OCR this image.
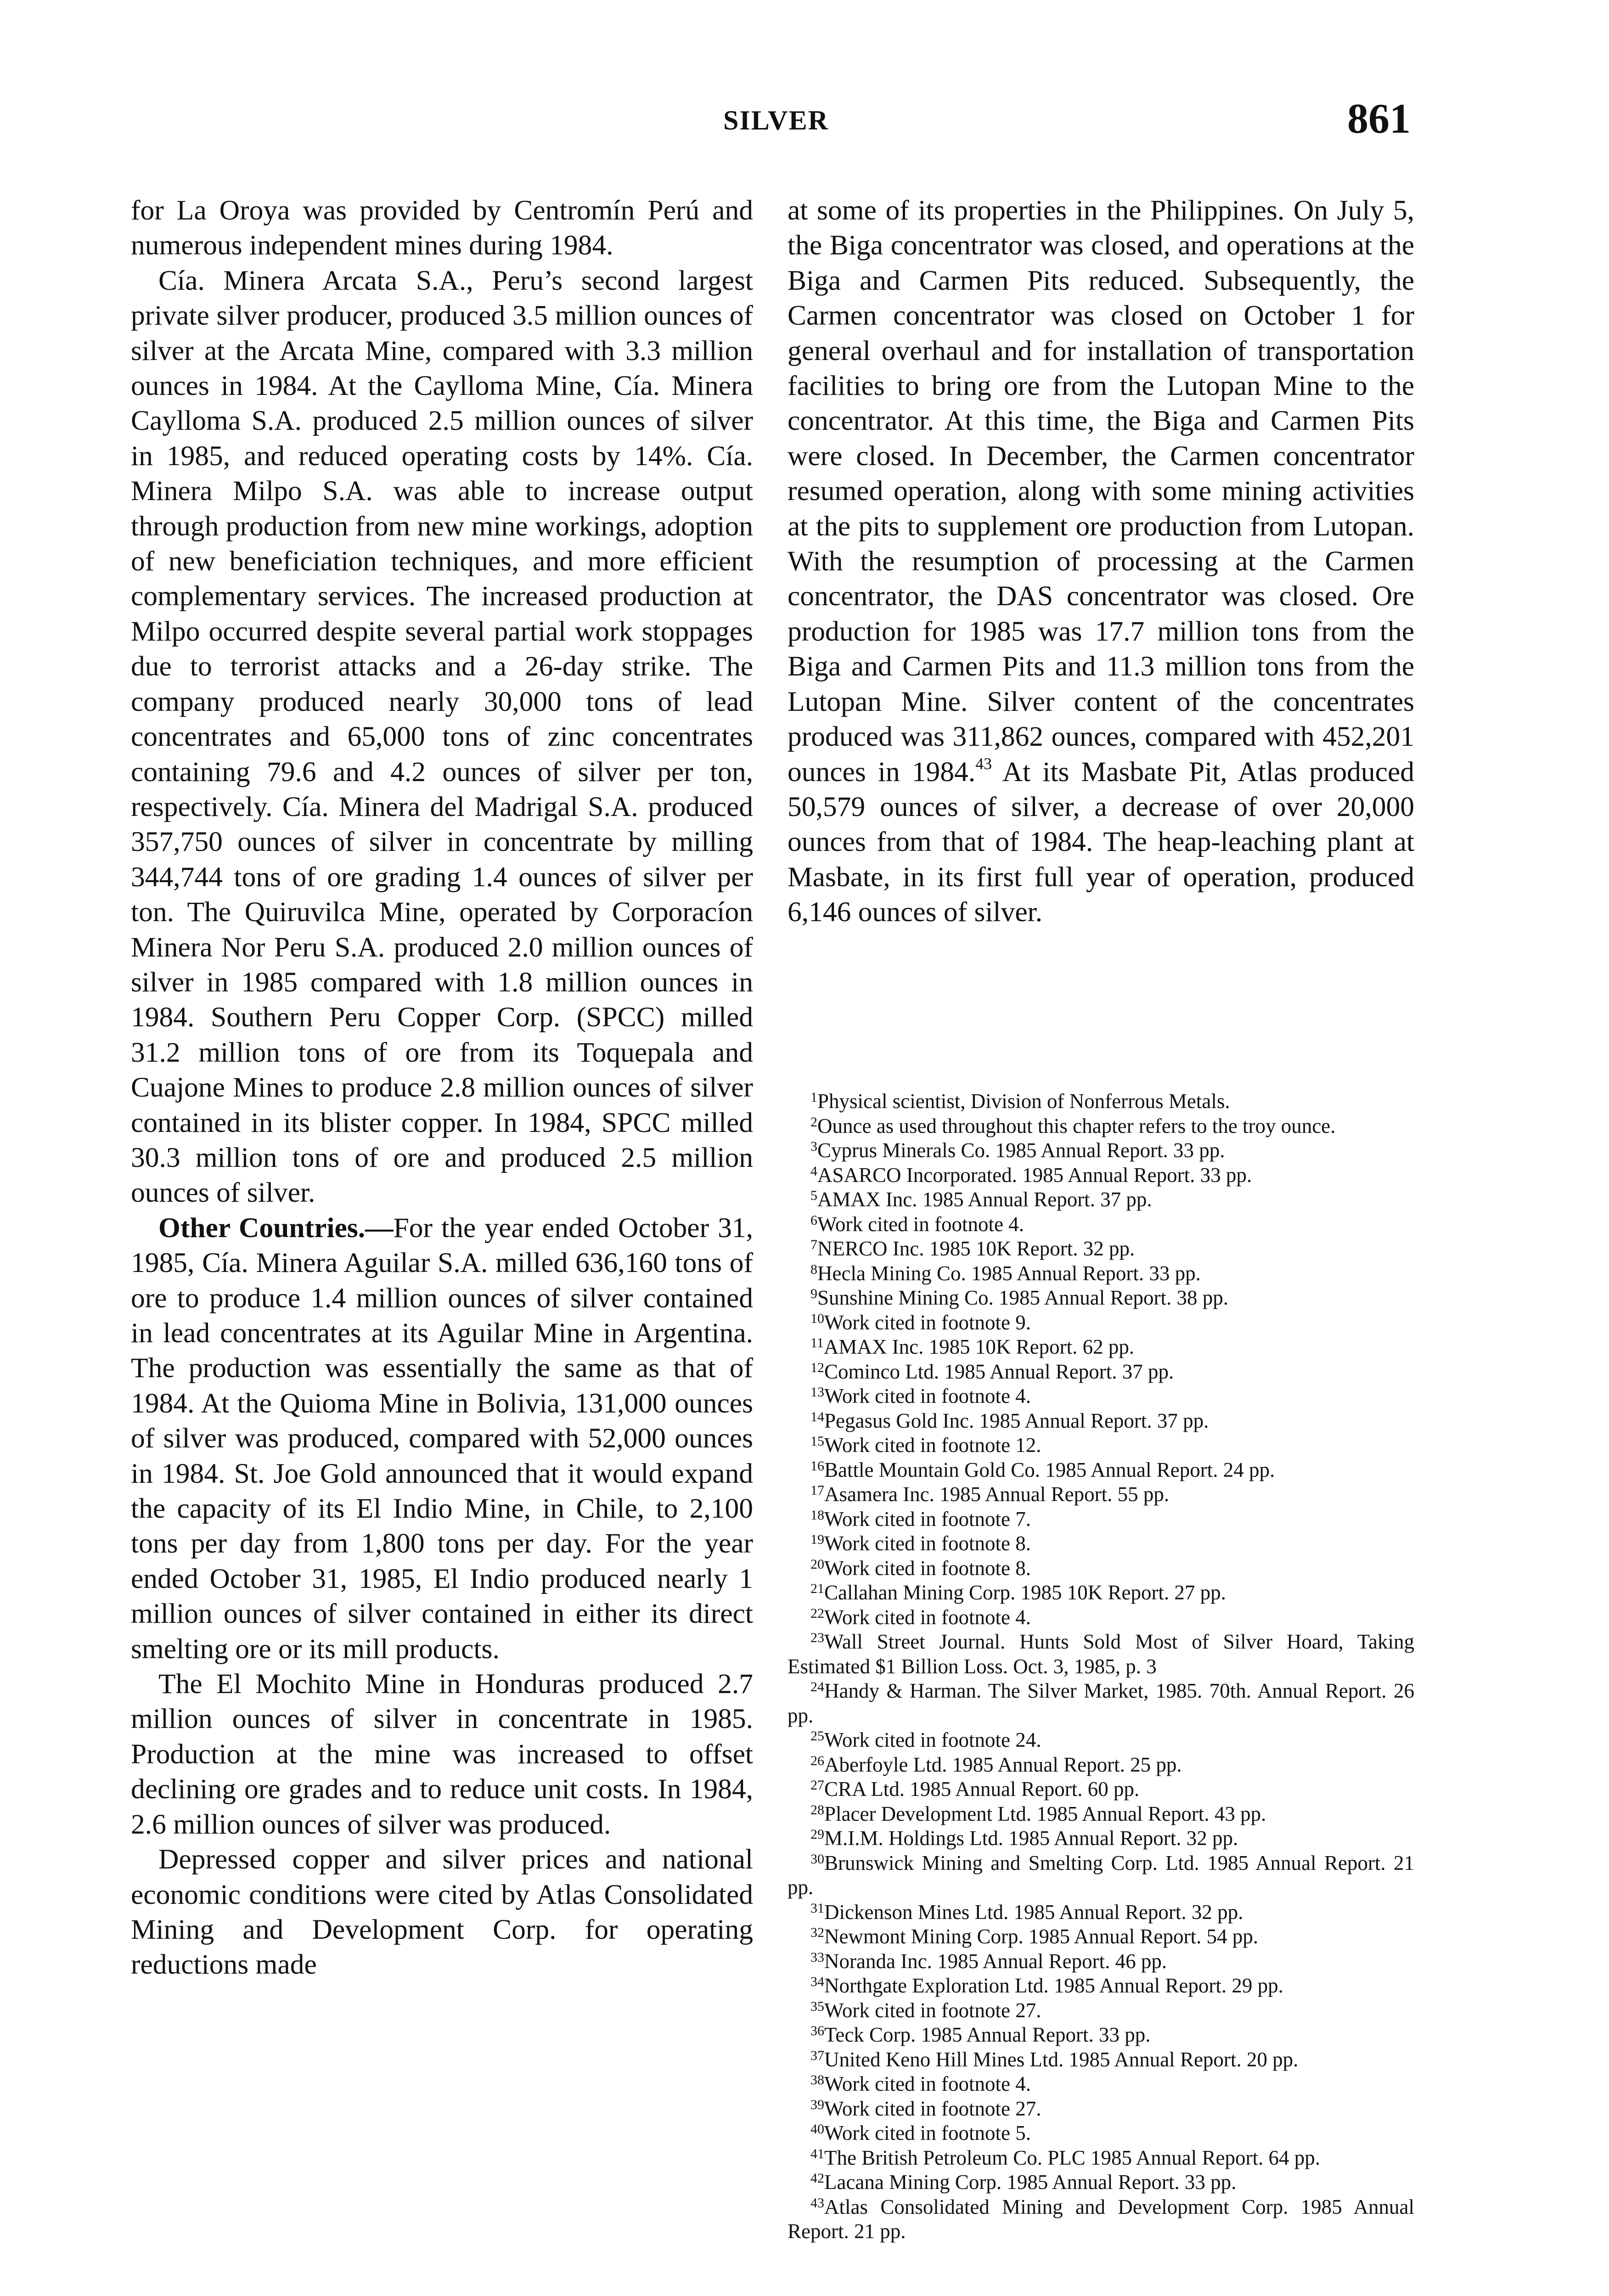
SILVER	861

for La Oroya was provided by Centromín Perú and numerous independent mines during 1984.

Cía. Minera Arcata S.A., Peru’s second largest private silver producer, produced 3.5 million ounces of silver at the Arcata Mine, compared with 3.3 million ounces in 1984. At the Caylloma Mine, Cía. Minera Caylloma S.A. produced 2.5 million ounces of silver in 1985, and reduced operating costs by 14%. Cía. Minera Milpo S.A. was able to increase output through production from new mine workings, adoption of new beneficiation techniques, and more efficient complementary services. The increased production at Milpo occurred despite several partial work stoppages due to terrorist attacks and a 26-day strike. The company produced nearly 30,000 tons of lead concentrates and 65,000 tons of zinc concentrates containing 79.6 and 4.2 ounces of silver per ton, respectively. Cía. Minera del Madrigal S.A. produced 357,750 ounces of silver in concentrate by milling 344,744 tons of ore grading 1.4 ounces of silver per ton. The Quiruvilca Mine, operated by Corporacíon Minera Nor Peru S.A. produced 2.0 million ounces of silver in 1985 compared with 1.8 million ounces in 1984. Southern Peru Copper Corp. (SPCC) milled 31.2 million tons of ore from its Toquepala and Cuajone Mines to produce 2.8 million ounces of silver contained in its blister copper. In 1984, SPCC milled 30.3 million tons of ore and produced 2.5 million ounces of silver.

Other Countries.—For the year ended October 31, 1985, Cía. Minera Aguilar S.A. milled 636,160 tons of ore to produce 1.4 million ounces of silver contained in lead concentrates at its Aguilar Mine in Argentina. The production was essentially the same as that of 1984. At the Quioma Mine in Bolivia, 131,000 ounces of silver was produced, compared with 52,000 ounces in 1984. St. Joe Gold announced that it would expand the capacity of its El Indio Mine, in Chile, to 2,100 tons per day from 1,800 tons per day. For the year ended October 31, 1985, El Indio produced nearly 1 million ounces of silver contained in either its direct smelting ore or its mill products.

The El Mochito Mine in Honduras produced 2.7 million ounces of silver in concentrate in 1985. Production at the mine was increased to offset declining ore grades and to reduce unit costs. In 1984, 2.6 million ounces of silver was produced.

Depressed copper and silver prices and national economic conditions were cited by Atlas Consolidated Mining and Development Corp. for operating reductions made

at some of its properties in the Philippines. On July 5, the Biga concentrator was closed, and operations at the Biga and Carmen Pits reduced. Subsequently, the Carmen concentrator was closed on October 1 for general overhaul and for installation of transportation facilities to bring ore from the Lutopan Mine to the concentrator. At this time, the Biga and Carmen Pits were closed. In December, the Carmen concentrator resumed operation, along with some mining activities at the pits to supplement ore production from Lutopan. With the resumption of processing at the Carmen concentrator, the DAS concentrator was closed. Ore production for 1985 was 17.7 million tons from the Biga and Carmen Pits and 11.3 million tons from the Lutopan Mine. Silver content of the concentrates produced was 311,862 ounces, compared with 452,201 ounces in 1984.43 At its Masbate Pit, Atlas produced 50,579 ounces of silver, a decrease of over 20,000 ounces from that of 1984. The heap-leaching plant at Masbate, in its first full year of operation, produced 6,146 ounces of silver.

$^1$Physical scientist, Division of Nonferrous Metals.

$^2$Ounce as used throughout this chapter refers to the troy ounce.

$^3$Cyprus Minerals Co. 1985 Annual Report. 33 pp.

$^4$ASARCO Incorporated. 1985 Annual Report. 33 pp.

$^5$AMAX Inc. 1985 Annual Report. 37 pp.

$^6$Work cited in footnote 4.

$^7$NERCO Inc. 1985 10K Report. 32 pp.

$^8$Hecla Mining Co. 1985 Annual Report. 33 pp.

$^9$Sunshine Mining Co. 1985 Annual Report. 38 pp.

$^{10}$Work cited in footnote 9.

$^{11}$AMAX Inc. 1985 10K Report. 62 pp.

$^{12}$Cominco Ltd. 1985 Annual Report. 37 pp.

$^{13}$Work cited in footnote 4.

$^{14}$Pegasus Gold Inc. 1985 Annual Report. 37 pp.

$^{15}$Work cited in footnote 12.

$^{16}$Battle Mountain Gold Co. 1985 Annual Report. 24 pp.

$^{17}$Asamera Inc. 1985 Annual Report. 55 pp.

$^{18}$Work cited in footnote 7.

$^{19}$Work cited in footnote 8.

$^{20}$Work cited in footnote 8.

$^{21}$Callahan Mining Corp. 1985 10K Report. 27 pp.

$^{22}$Work cited in footnote 4.

$^{23}$Wall Street Journal. Hunts Sold Most of Silver Hoard, Taking Estimated $1 Billion Loss. Oct. 3, 1985, p. 3

$^{24}$Handy & Harman. The Silver Market, 1985. 70th. Annual Report. 26 pp.

$^{25}$Work cited in footnote 24.

$^{26}$Aberfoyle Ltd. 1985 Annual Report. 25 pp.

$^{27}$CRA Ltd. 1985 Annual Report. 60 pp.

$^{28}$Placer Development Ltd. 1985 Annual Report. 43 pp.

$^{29}$M.I.M. Holdings Ltd. 1985 Annual Report. 32 pp.

$^{30}$Brunswick Mining and Smelting Corp. Ltd. 1985 Annual Report. 21 pp.

$^{31}$Dickenson Mines Ltd. 1985 Annual Report. 32 pp.

$^{32}$Newmont Mining Corp. 1985 Annual Report. 54 pp.

$^{33}$Noranda Inc. 1985 Annual Report. 46 pp.

$^{34}$Northgate Exploration Ltd. 1985 Annual Report. 29 pp.

$^{35}$Work cited in footnote 27.

$^{36}$Teck Corp. 1985 Annual Report. 33 pp.

$^{37}$United Keno Hill Mines Ltd. 1985 Annual Report. 20 pp.

$^{38}$Work cited in footnote 4.

$^{39}$Work cited in footnote 27.

$^{40}$Work cited in footnote 5.

$^{41}$The British Petroleum Co. PLC 1985 Annual Report. 64 pp.

$^{42}$Lacana Mining Corp. 1985 Annual Report. 33 pp.

$^{43}$Atlas Consolidated Mining and Development Corp. 1985 Annual Report. 21 pp.
